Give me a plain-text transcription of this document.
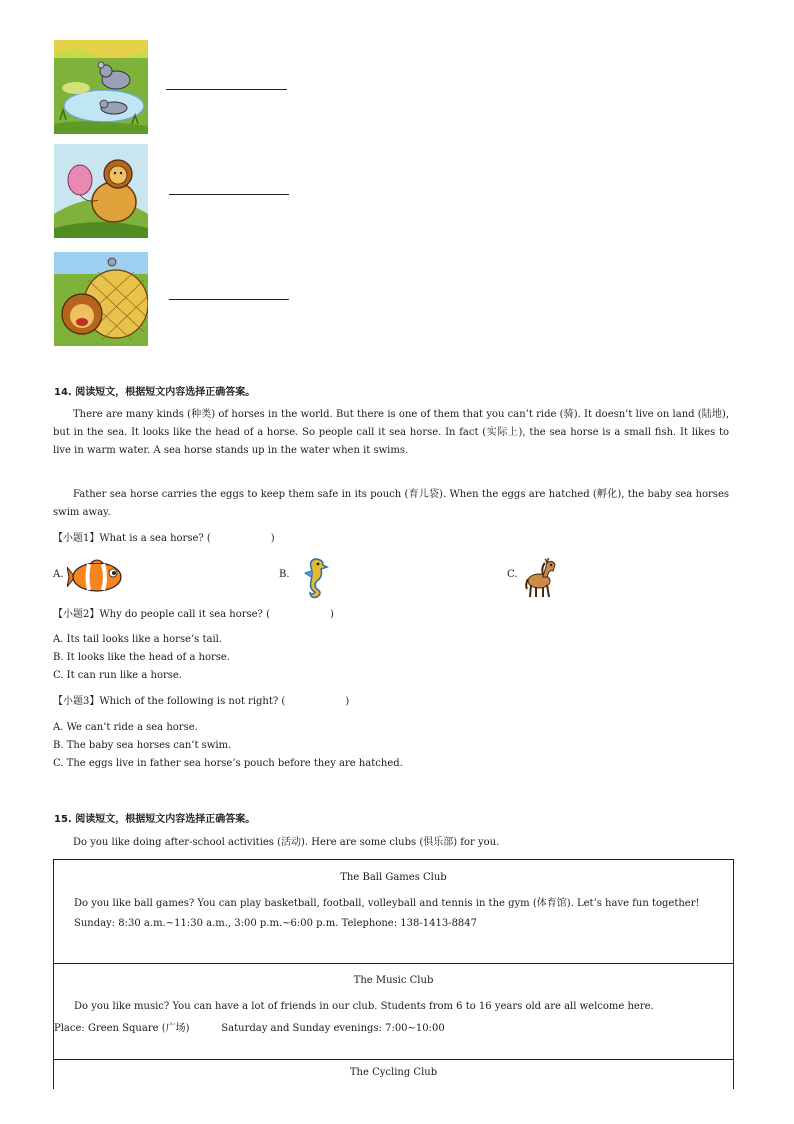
14. 阅读短文，根据短文内容选择正确答案。

There are many kinds (种类) of horses in the world. But there is one of them that you can’t ride (骑). It doesn’t live on land (陆地), but in the sea. It looks like the head of a horse. So people call it sea horse. In fact (实际上), the sea horse is a small fish. It likes to live in warm water. A sea horse stands up in the water when it swims.

Father sea horse carries the eggs to keep them safe in its pouch (育儿袋). When the eggs are hatched (孵化), the baby sea horses swim away.

【小题1】What is a sea horse? (　　　　　　)
A.	B.	C.
【小题2】Why do people call it sea horse? (　　　　　　)
A. Its tail looks like a horse’s tail.
B. It looks like the head of a horse.
C. It can run like a horse.
【小题3】Which of the following is not right? (　　　　　　)
A. We can’t ride a sea horse.
B. The baby sea horses can’t swim.
C. The eggs live in father sea horse’s pouch before they are hatched.
15. 阅读短文，根据短文内容选择正确答案。

Do you like doing after-school activities (活动). Here are some clubs (俱乐部) for you.

The Ball Games Club

Do you like ball games? You can play basketball, football, volleyball and tennis in the gym (体育馆). Let’s have fun together!

Sunday: 8:30 a.m.~11:30 a.m., 3:00 p.m.~6:00 p.m. Telephone: 138-1413-8847
The Music Club

Do you like music? You can have a lot of friends in our club. Students from 6 to 16 years old are all welcome here.

Place: Green Square (广场)          Saturday and Sunday evenings: 7:00~10:00
The Cycling Club
